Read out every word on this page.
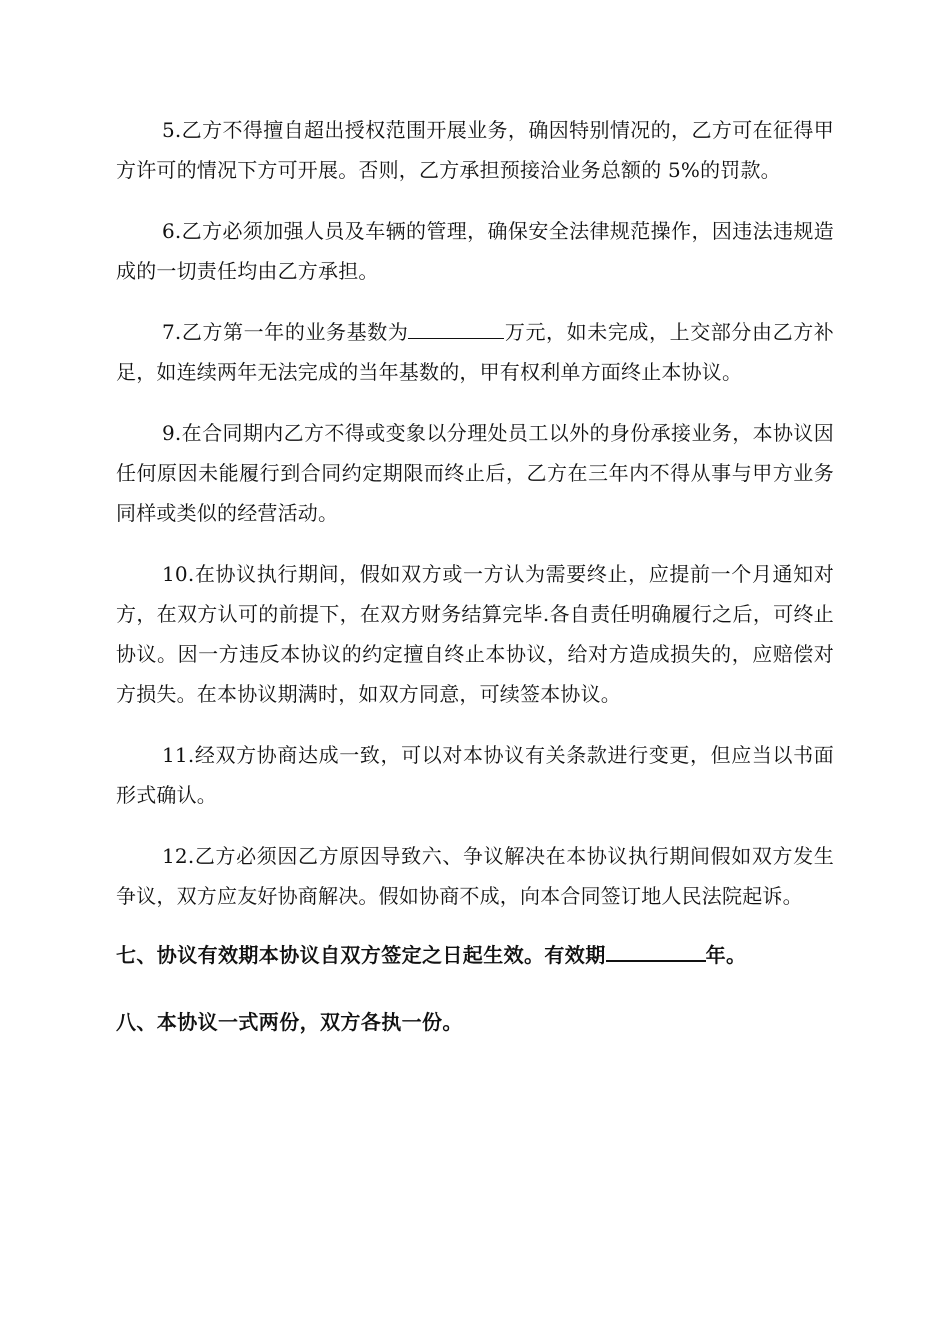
5.乙方不得擅自超出授权范围开展业务，确因特别情况的，乙方可在征得甲方许可的情况下方可开展。否则，乙方承担预接洽业务总额的 5%的罚款。

6.乙方必须加强人员及车辆的管理，确保安全法律规范操作，因违法违规造成的一切责任均由乙方承担。

7.乙方第一年的业务基数为	万元，如未完成，上交部分由乙方补足，如连续两年无法完成的当年基数的，甲有权利单方面终止本协议。

9.在合同期内乙方不得或变象以分理处员工以外的身份承接业务，本协议因任何原因未能履行到合同约定期限而终止后，乙方在三年内不得从事与甲方业务同样或类似的经营活动。

10.在协议执行期间，假如双方或一方认为需要终止，应提前一个月通知对方，在双方认可的前提下，在双方财务结算完毕.各自责任明确履行之后，可终止协议。因一方违反本协议的约定擅自终止本协议，给对方造成损失的，应赔偿对方损失。在本协议期满时，如双方同意，可续签本协议。

11.经双方协商达成一致，可以对本协议有关条款进行变更，但应当以书面形式确认。

12.乙方必须因乙方原因导致六、争议解决在本协议执行期间假如双方发生争议，双方应友好协商解决。假如协商不成，向本合同签订地人民法院起诉。

七、协议有效期本协议自双方签定之日起生效。有效期	年。

八、本协议一式两份，双方各执一份。
